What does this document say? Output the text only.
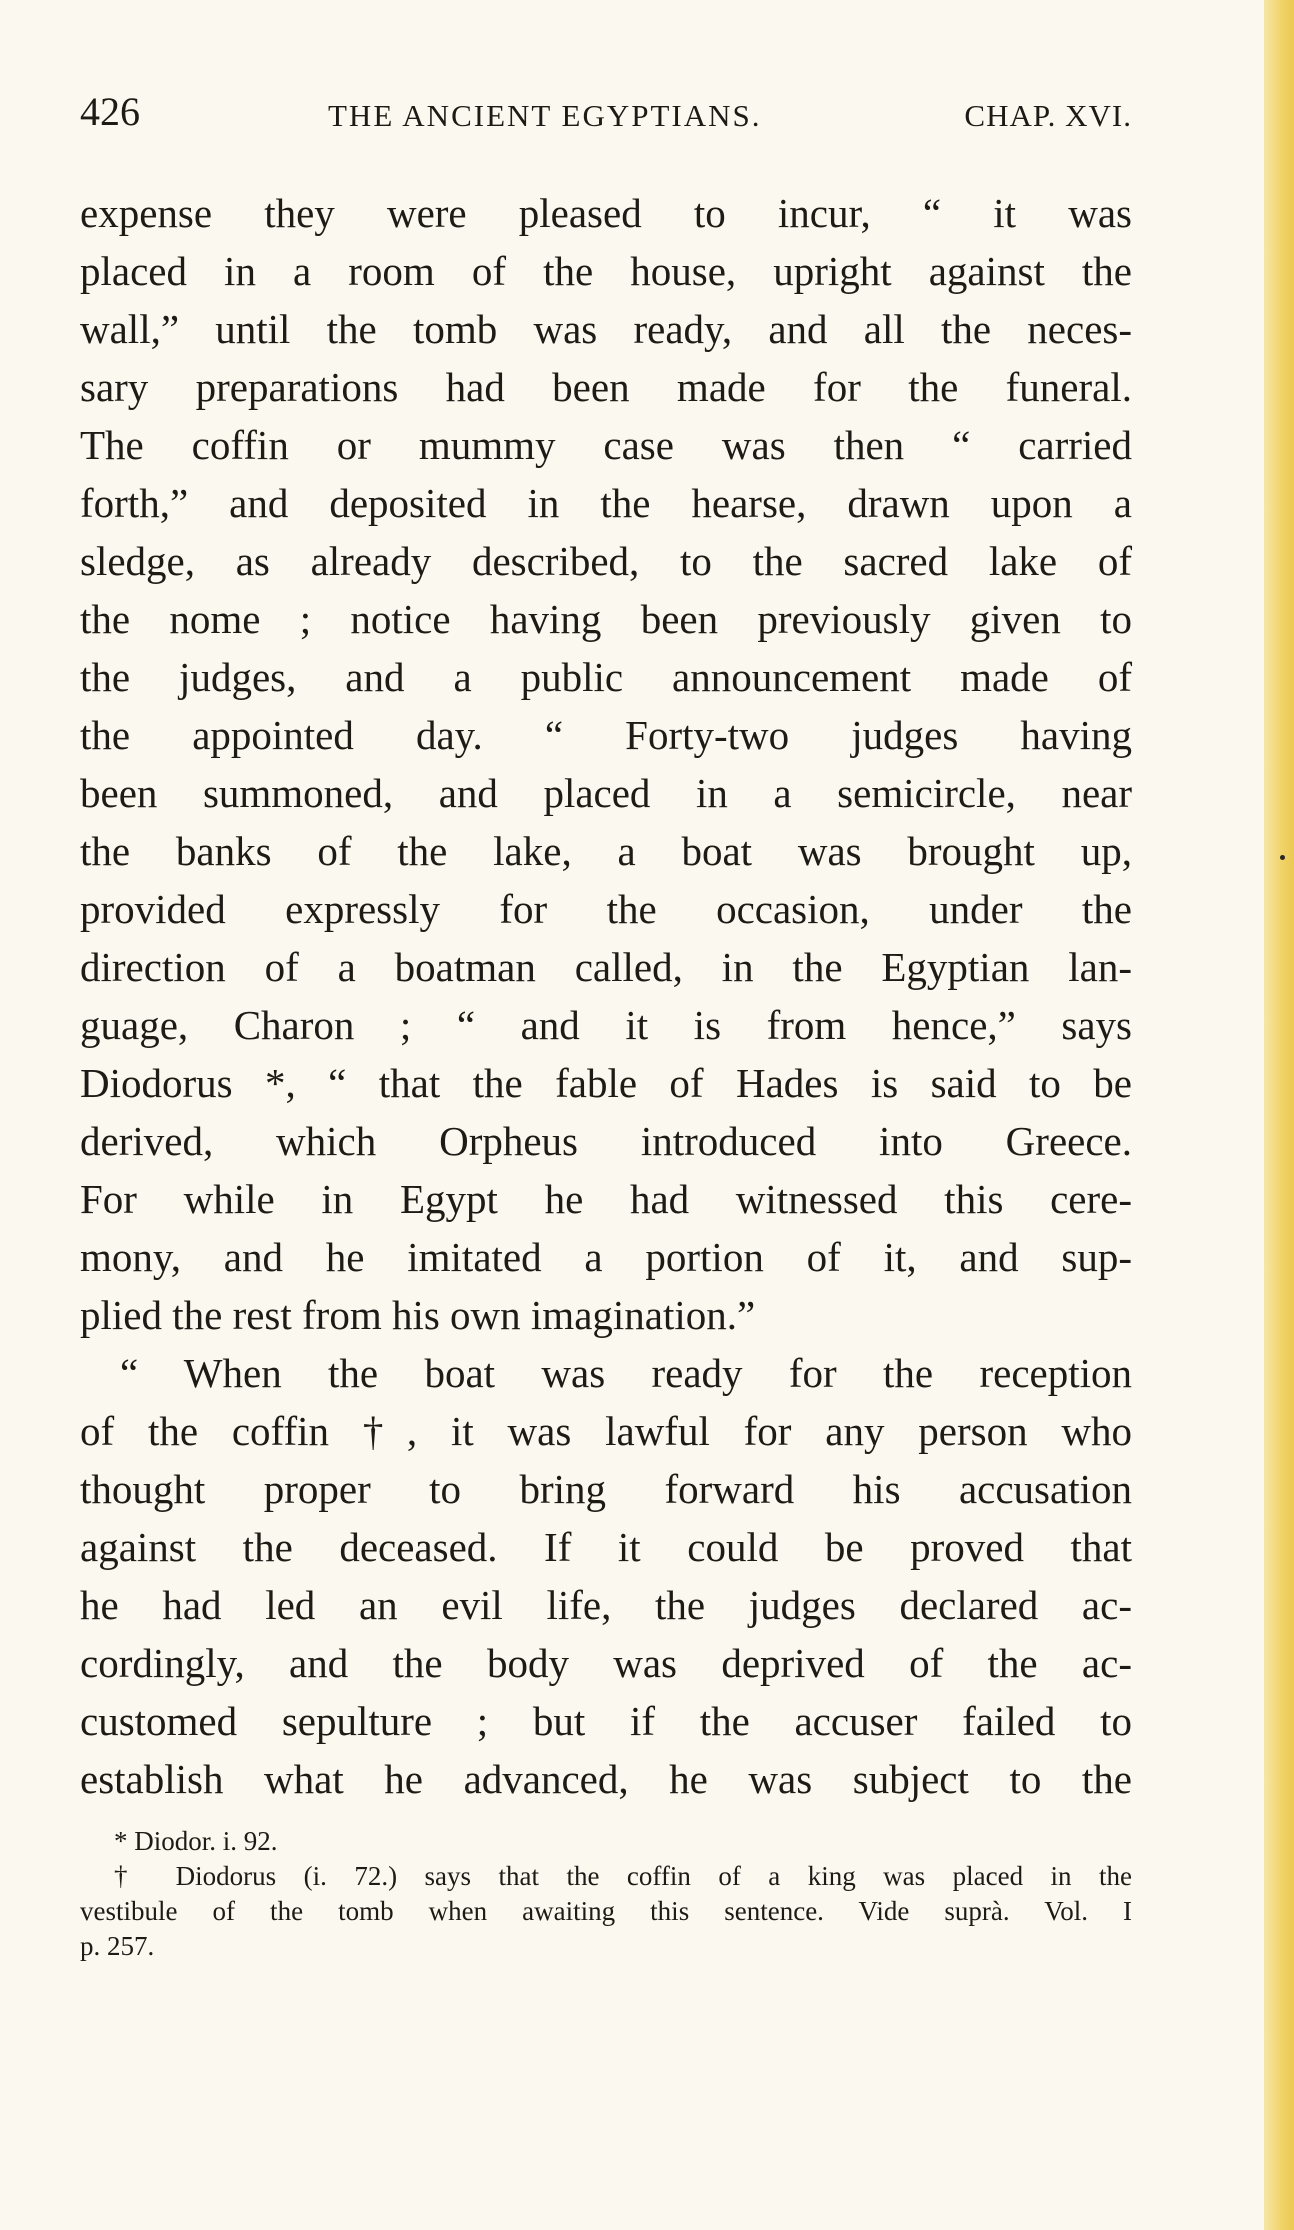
426	THE ANCIENT EGYPTIANS.	CHAP. XVI.
expense they were pleased to incur, “ it was
placed in a room of the house, upright against the
wall,” until the tomb was ready, and all the neces-
sary preparations had been made for the funeral.
The coffin or mummy case was then “ carried
forth,” and deposited in the hearse, drawn upon a
sledge, as already described, to the sacred lake of
the nome ; notice having been previously given to
the judges, and a public announcement made of
the appointed day. “ Forty-two judges having
been summoned, and placed in a semicircle, near
the banks of the lake, a boat was brought up,
provided expressly for the occasion, under the
direction of a boatman called, in the Egyptian lan-
guage, Charon ; “ and it is from hence,” says
Diodorus *, “ that the fable of Hades is said to be
derived, which Orpheus introduced into Greece.
For while in Egypt he had witnessed this cere-
mony, and he imitated a portion of it, and sup-
plied the rest from his own imagination.”
“ When the boat was ready for the reception
of the coffin †, it was lawful for any person who
thought proper to bring forward his accusation
against the deceased. If it could be proved that
he had led an evil life, the judges declared ac-
cordingly, and the body was deprived of the ac-
customed sepulture ; but if the accuser failed to
establish what he advanced, he was subject to the
* Diodor. i. 92.
† Diodorus (i. 72.) says that the coffin of a king was placed in the
vestibule of the tomb when awaiting this sentence. Vide suprà. Vol. I
p. 257.
